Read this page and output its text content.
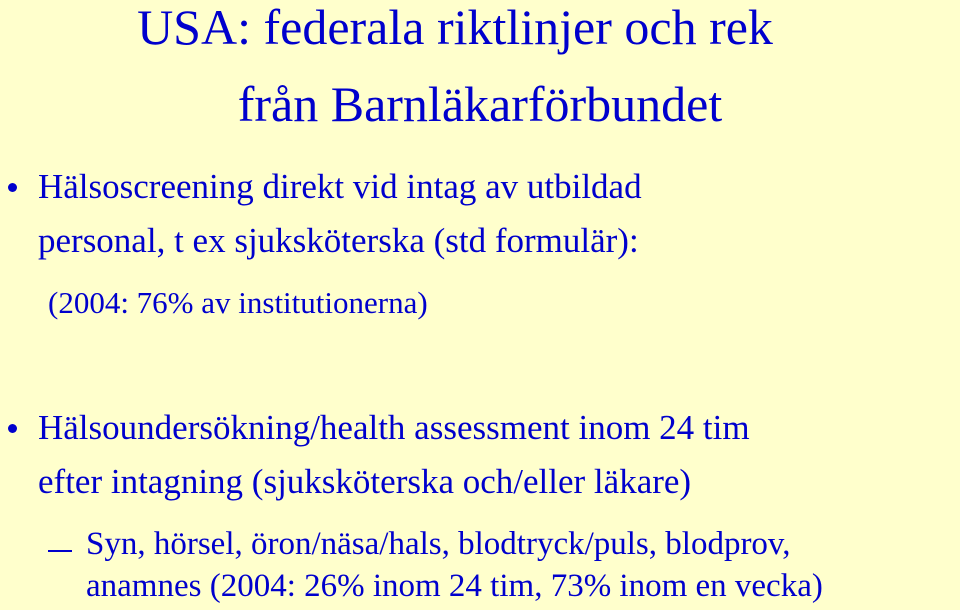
USA: federala riktlinjer och rek
från Barnläkarförbundet
Hälsoscreening direkt vid intag av utbildad
personal, t ex sjuksköterska (std formulär):
(2004: 76% av institutionerna)
Hälsoundersökning/health assessment inom 24 tim
efter intagning (sjuksköterska och/eller läkare)
Syn, hörsel, öron/näsa/hals, blodtryck/puls, blodprov,
anamnes (2004: 26% inom 24 tim, 73% inom en vecka)
